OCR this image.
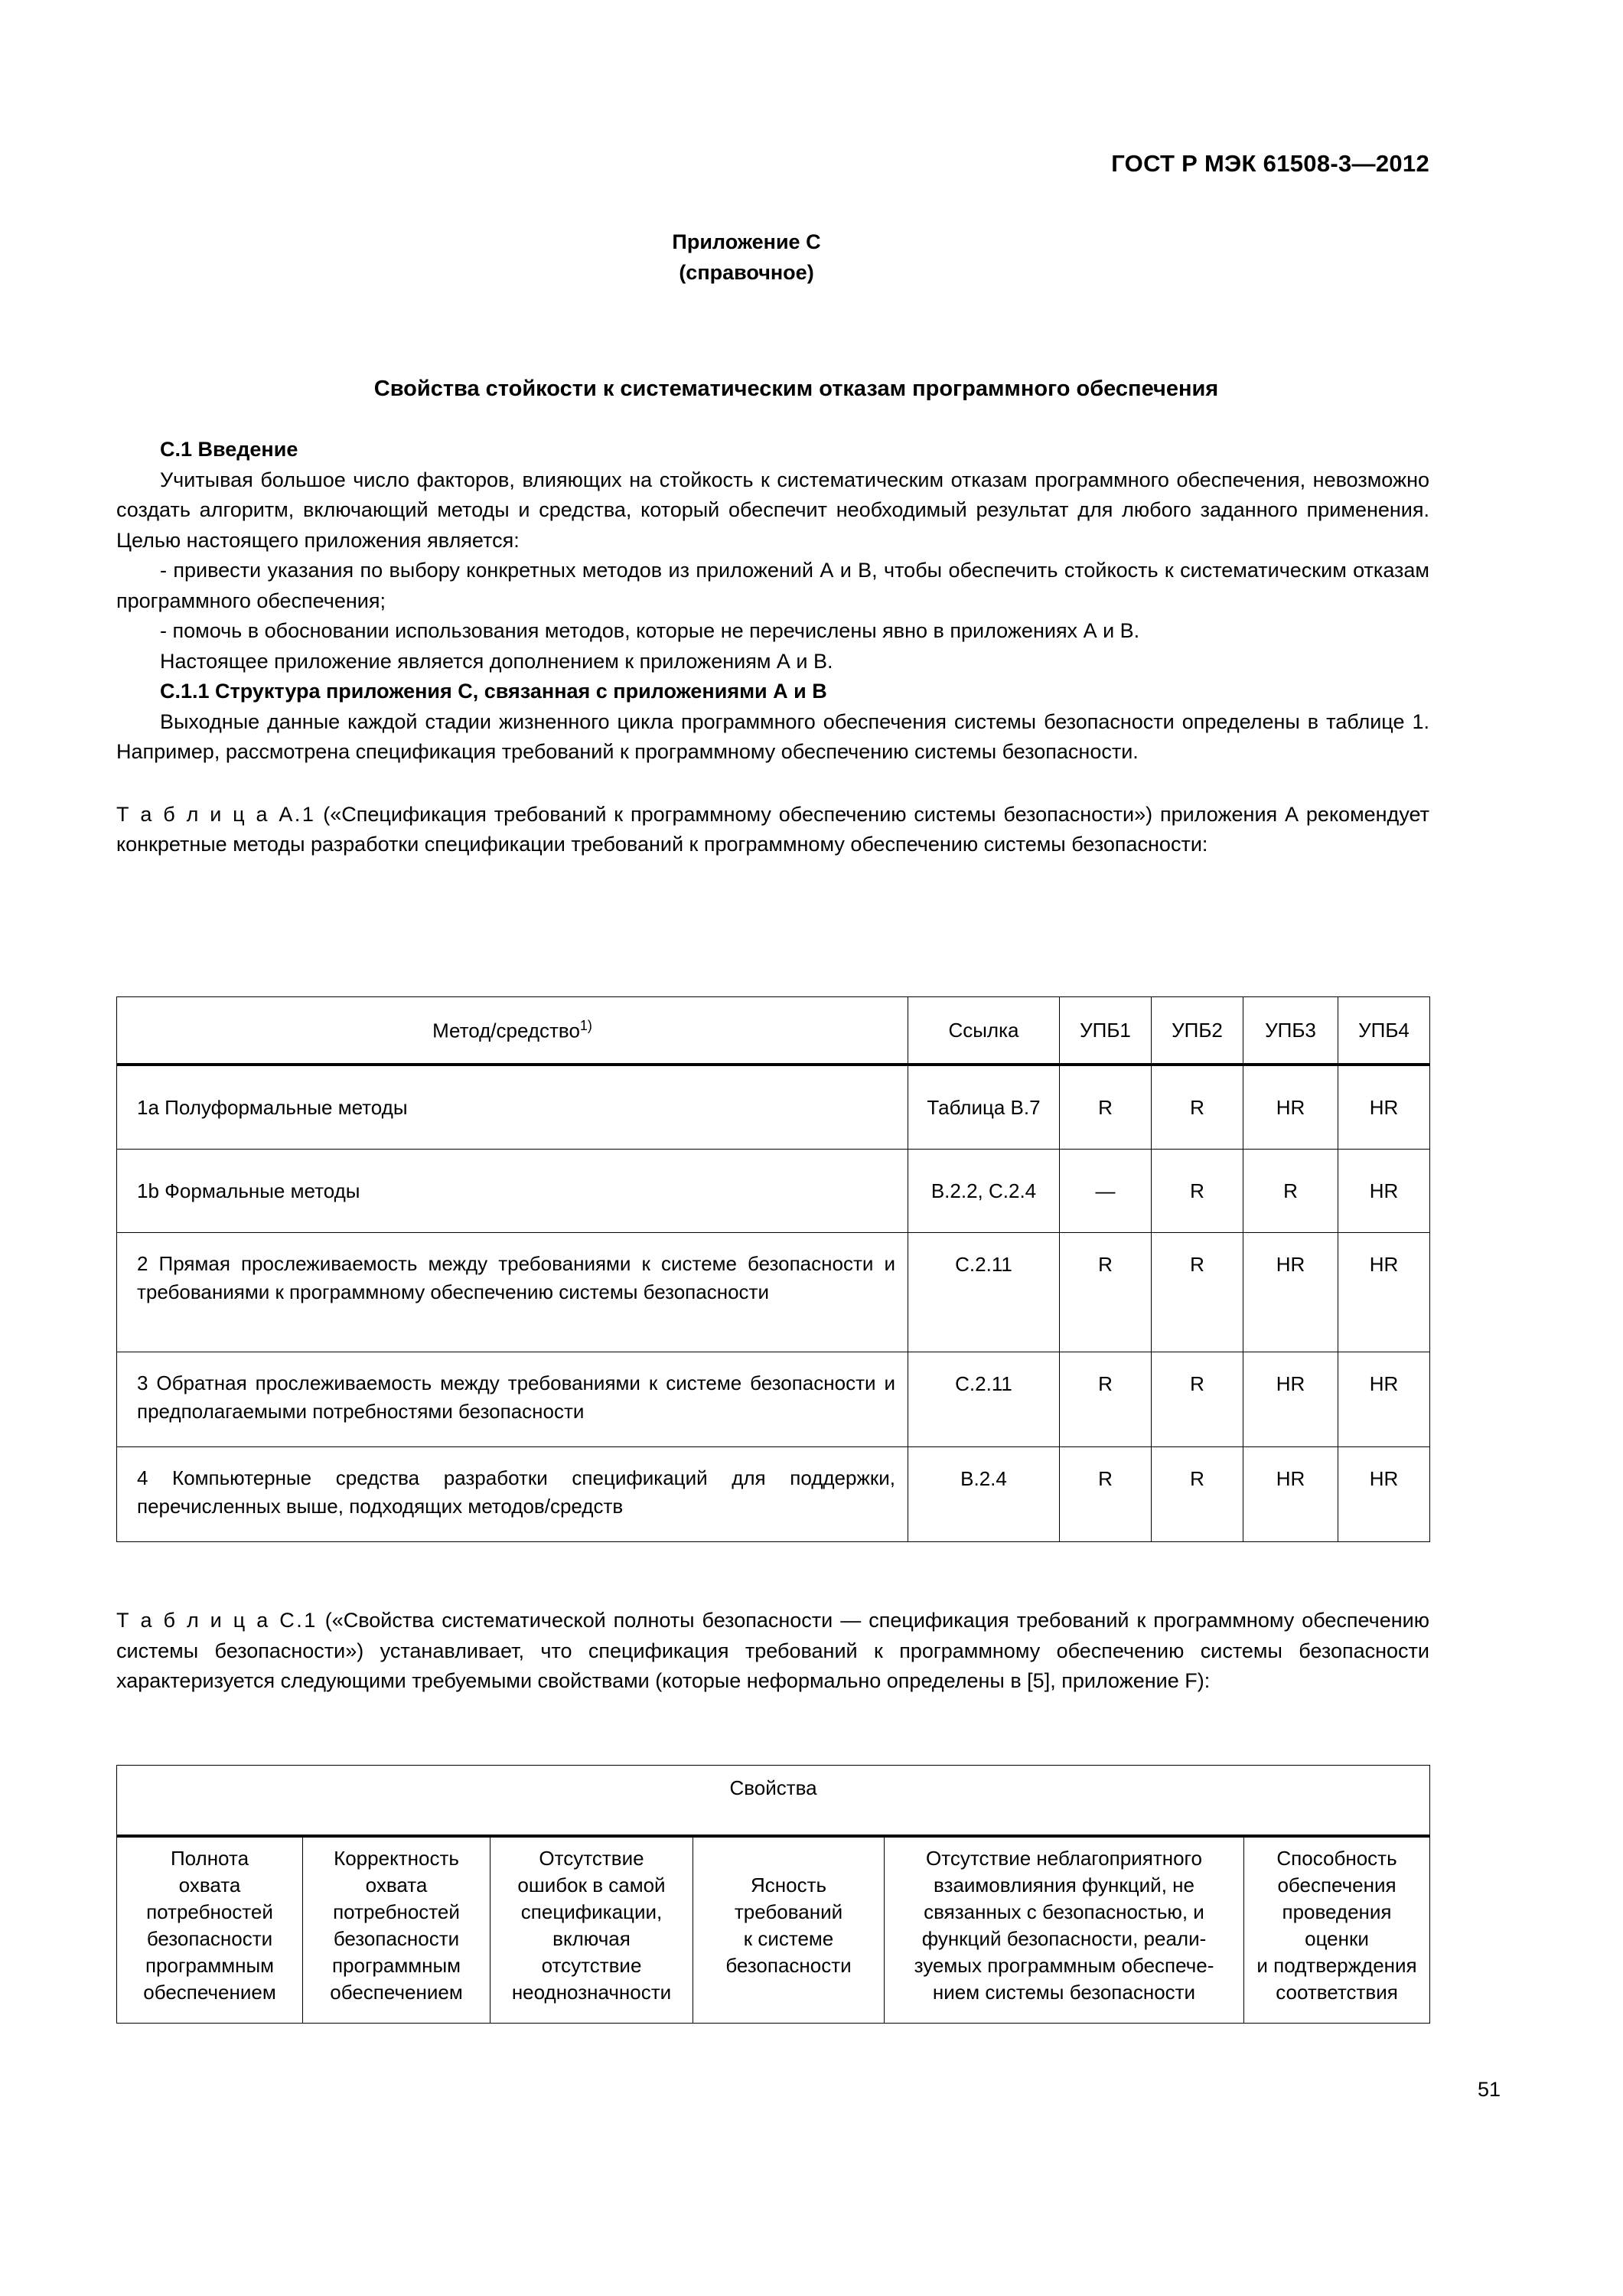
ГОСТ Р МЭК 61508-3—2012
Приложение С
(справочное)
Свойства стойкости к систематическим отказам программного обеспечения

С.1 Введение

Учитывая большое число факторов, влияющих на стойкость к систематическим отказам программного обеспечения, невозможно создать алгоритм, включающий методы и средства, который обеспечит необходимый результат для любого заданного применения. Целью настоящего приложения является:

- привести указания по выбору конкретных методов из приложений А и В, чтобы обеспечить стойкость к систематическим отказам программного обеспечения;

- помочь в обосновании использования методов, которые не перечислены явно в приложениях А и В.

Настоящее приложение является дополнением к приложениям А и В.

С.1.1 Структура приложения С, связанная с приложениями А и В

Выходные данные каждой стадии жизненного цикла программного обеспечения системы безопасности определены в таблице 1. Например, рассмотрена спецификация требований к программному обеспечению системы безопасности.

Т а б л и ц а А.1 («Спецификация требований к программному обеспечению системы безопасности») приложения А рекомендует конкретные методы разработки спецификации требований к программному обеспечению системы безопасности:

Метод/средство$^{1)}$	Ссылка	УПБ1	УПБ2	УПБ3	УПБ4
1a Полуформальные методы	Таблица В.7	R	R	HR	HR
1b Формальные методы	В.2.2, С.2.4	—	R	R	HR
2 Прямая прослеживаемость между требованиями к системе безопасности и требованиями к программному обеспечению системы безопасности	С.2.11	R	R	HR	HR
3 Обратная прослеживаемость между требованиями к системе безопасности и предполагаемыми потребностями безопасности	С.2.11	R	R	HR	HR
4 Компьютерные средства разработки спецификаций для поддержки, перечисленных выше, подходящих методов/средств	В.2.4	R	R	HR	HR

Т а б л и ц а С.1 («Свойства систематической полноты безопасности — спецификация требований к программному обеспечению системы безопасности») устанавливает, что спецификация требований к программному обеспечению системы безопасности характеризуется следующими требуемыми свойствами (которые неформально определены в [5], приложение F):

Свойства
Полнота
охвата
потребностей
безопасности
программным
обеспечением	Корректность
охвата
потребностей
безопасности
программным
обеспечением	Отсутствие
ошибок в самой
спецификации,
включая
отсутствие
неоднозначности	Ясность
требований
к системе
безопасности	Отсутствие неблагоприятного
взаимовлияния функций, не
связанных с безопасностью, и
функций безопасности, реали-
зуемых программным обеспече-
нием системы безопасности	Способность
обеспечения
проведения
оценки
и подтверждения
соответствия
51
